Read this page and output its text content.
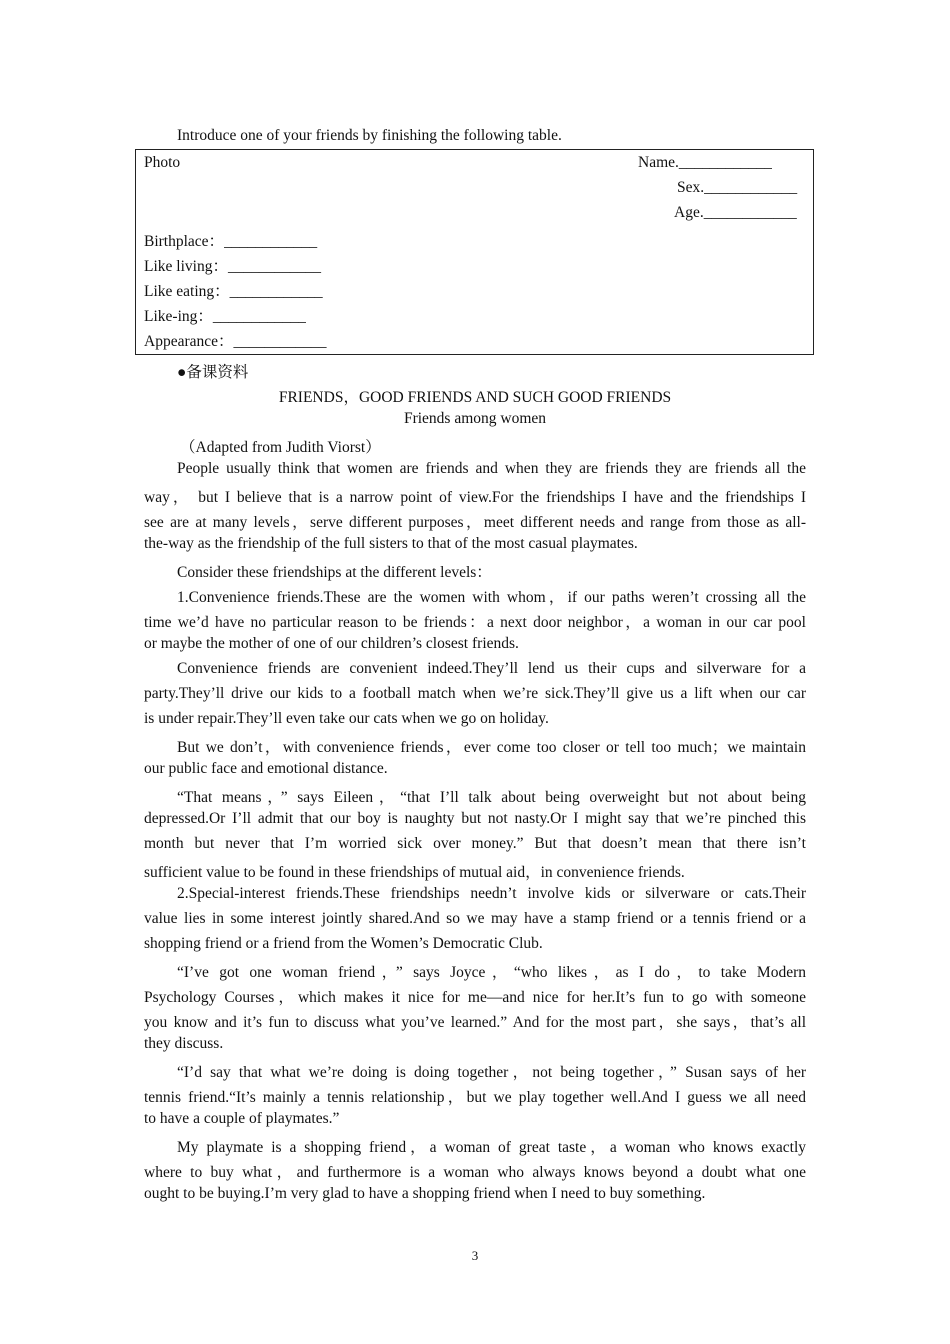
Introduce one of your friends by finishing the following table.
Photo	Name.____________
Sex.____________
Age.____________
Birthplace：____________
Like living：____________
Like eating：____________
Like-ing：____________
Appearance：____________
●备课资料
FRIENDS，GOOD FRIENDS AND SUCH GOOD FRIENDS
Friends among women
（Adapted from Judith Viorst）
People usually think that women are friends and when they are friends they are friends all the
way， but I believe that is a narrow point of view.For the friendships I have and the friendships I
see are at many levels，serve different purposes，meet different needs and range from those as all-
the-way as the friendship of the full sisters to that of the most casual playmates.
Consider these friendships at the different levels：
1.Convenience friends.These are the women with whom，if our paths weren’t crossing all the
time we’d have no particular reason to be friends：a next door neighbor，a woman in our car pool
or maybe the mother of one of our children’s closest friends.
Convenience friends are convenient indeed.They’ll lend us their cups and silverware for a
party.They’ll drive our kids to a football match when we’re sick.They’ll give us a lift when our car
is under repair.They’ll even take our cats when we go on holiday.
But we don’t，with convenience friends，ever come too closer or tell too much；we maintain
our public face and emotional distance.
“That means，” says Eileen，“that I’ll talk about being overweight but not about being
depressed.Or I’ll admit that our boy is naughty but not nasty.Or I might say that we’re pinched this
month but never that I’m worried sick over money.” But that doesn’t mean that there isn’t
sufficient value to be found in these friendships of mutual aid，in convenience friends.
2.Special-interest friends.These friendships needn’t involve kids or silverware or cats.Their
value lies in some interest jointly shared.And so we may have a stamp friend or a tennis friend or a
shopping friend or a friend from the Women’s Democratic Club.
“I’ve got one woman friend，” says Joyce，“who likes，as I do，to take Modern
Psychology Courses，which makes it nice for me—and nice for her.It’s fun to go with someone
you know and it’s fun to discuss what you’ve learned.” And for the most part，she says，that’s all
they discuss.
“I’d say that what we’re doing is doing together，not being together，” Susan says of her
tennis friend.“It’s mainly a tennis relationship，but we play together well.And I guess we all need
to have a couple of playmates.”
My playmate is a shopping friend，a woman of great taste，a woman who knows exactly
where to buy what，and furthermore is a woman who always knows beyond a doubt what one
ought to be buying.I’m very glad to have a shopping friend when I need to buy something.
3
